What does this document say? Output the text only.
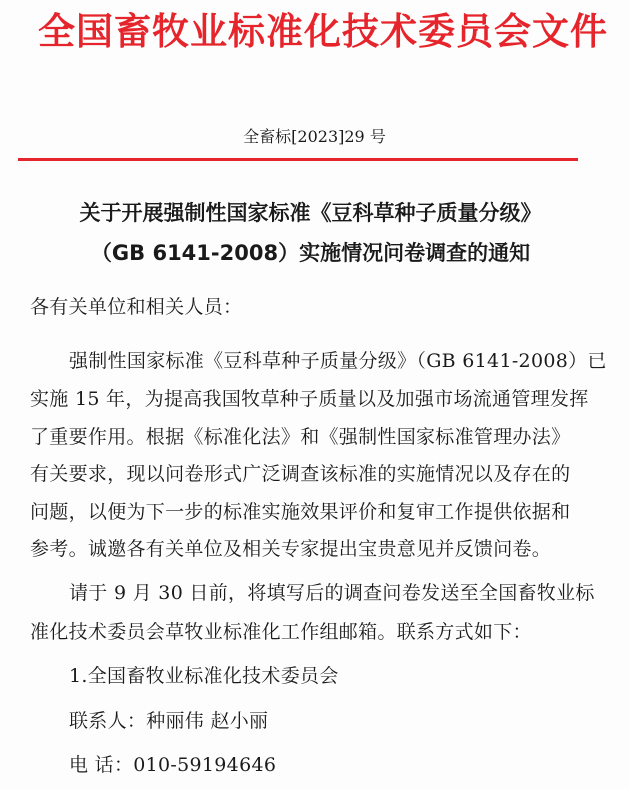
全国畜牧业标准化技术委员会文件
全畜标[2023]29 号
关于开展强制性国家标准《豆科草种子质量分级》
（GB 6141-2008）实施情况问卷调查的通知
各有关单位和相关人员：
强制性国家标准《豆科草种子质量分级》（GB 6141-2008）已
实施 15 年，为提高我国牧草种子质量以及加强市场流通管理发挥
了重要作用。根据《标准化法》和《强制性国家标准管理办法》
有关要求，现以问卷形式广泛调查该标准的实施情况以及存在的
问题，以便为下一步的标准实施效果评价和复审工作提供依据和
参考。诚邀各有关单位及相关专家提出宝贵意见并反馈问卷。
请于 9 月 30 日前，将填写后的调查问卷发送至全国畜牧业标
准化技术委员会草牧业标准化工作组邮箱。联系方式如下：
1.全国畜牧业标准化技术委员会
联系人：种丽伟 赵小丽
电 话：010-59194646
